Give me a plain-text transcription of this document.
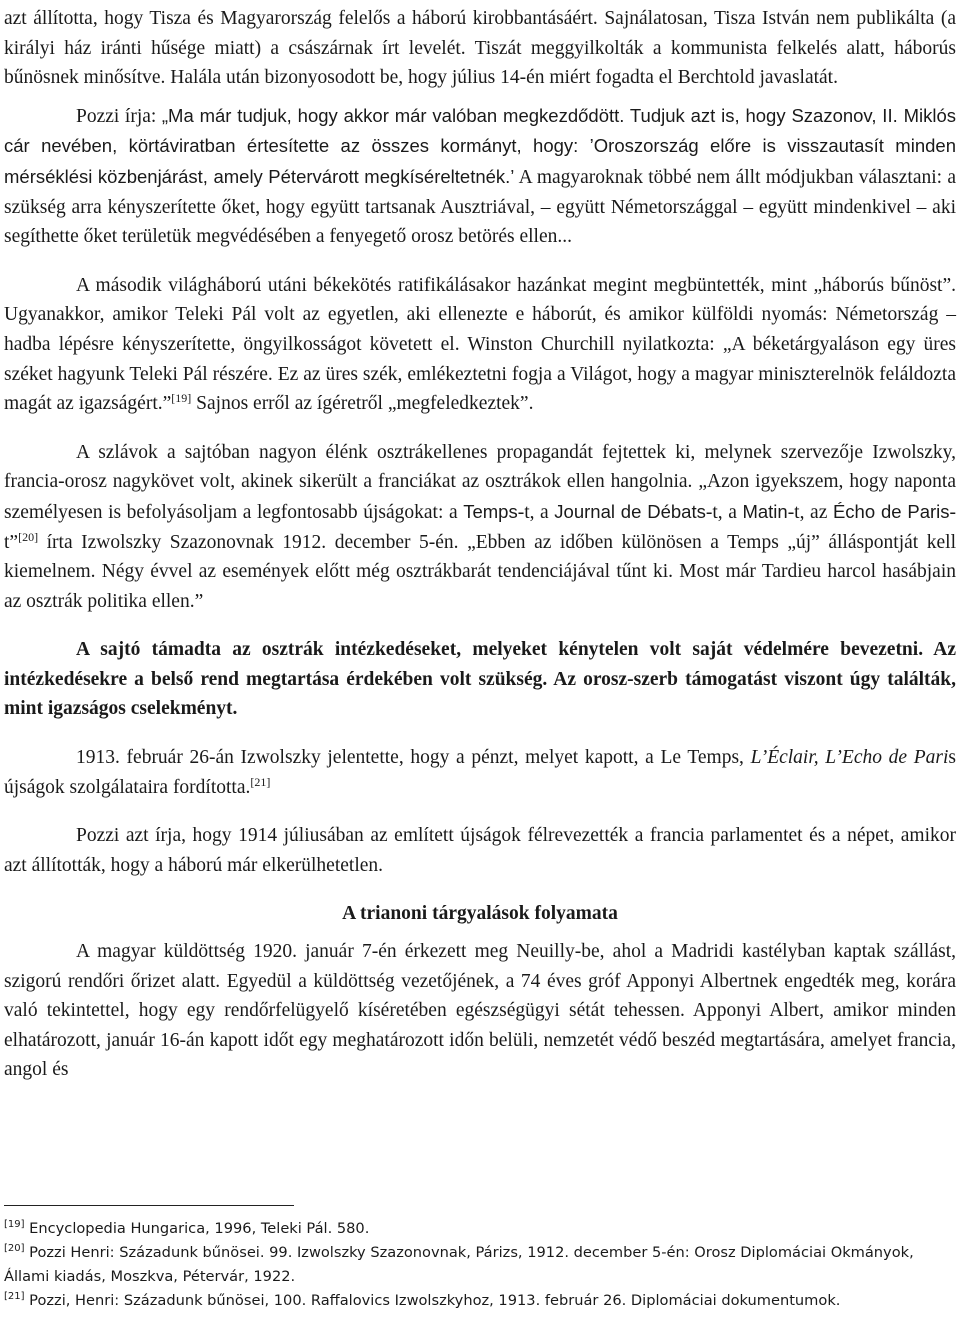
azt állította, hogy Tisza és Magyarország felelős a háború kirobbantásáért. Sajnálatosan, Tisza István nem publikálta (a királyi ház iránti hűsége miatt) a császárnak írt levelét. Tiszát meggyilkolták a kommunista felkelés alatt, háborús bűnösnek minősítve. Halála után bizonyosodott be, hogy július 14-én miért fogadta el Berchtold javaslatát.

Pozzi írja: „Ma már tudjuk, hogy akkor már valóban megkezdődött. Tudjuk azt is, hogy Szazonov, II. Miklós cár nevében, körtáviratban értesítette az összes kormányt, hogy: ’Oroszország előre is visszautasít minden mérséklési közbenjárást, amely Pétervárott megkíséreltetnék.’ A magyaroknak többé nem állt módjukban választani: a szükség arra kényszerítette őket, hogy együtt tartsanak Ausztriával, – együtt Németországgal – együtt mindenkivel – aki segíthette őket területük megvédésében a fenyegető orosz betörés ellen...

A második világháború utáni békekötés ratifikálásakor hazánkat megint megbüntették, mint „háborús bűnöst”. Ugyanakkor, amikor Teleki Pál volt az egyetlen, aki ellenezte e háborút, és amikor külföldi nyomás: Németország – hadba lépésre kényszerítette, öngyilkosságot követett el. Winston Churchill nyilatkozta: „A béketárgyaláson egy üres széket hagyunk Teleki Pál részére. Ez az üres szék, emlékeztetni fogja a Világot, hogy a magyar miniszterelnök feláldozta magát az igazságért.”[19] Sajnos erről az ígéretről „megfeledkeztek”.

A szlávok a sajtóban nagyon élénk osztrákellenes propagandát fejtettek ki, melynek szervezője Izwolszky, francia-orosz nagykövet volt, akinek sikerült a franciákat az osztrákok ellen hangolnia. „Azon igyekszem, hogy naponta személyesen is befolyásoljam a legfontosabb újságokat: a Temps-t, a Journal de Débats-t, a Matin-t, az Écho de Paris-t”[20] írta Izwolszky Szazonovnak 1912. december 5-én. „Ebben az időben különösen a Temps „új” álláspontját kell kiemelnem. Négy évvel az események előtt még osztrákbarát tendenciájával tűnt ki. Most már Tardieu harcol hasábjain az osztrák politika ellen.”

A sajtó támadta az osztrák intézkedéseket, melyeket kénytelen volt saját védelmére bevezetni. Az intézkedésekre a belső rend megtartása érdekében volt szükség. Az orosz-szerb támogatást viszont úgy találták, mint igazságos cselekményt.

1913. február 26-án Izwolszky jelentette, hogy a pénzt, melyet kapott, a Le Temps, L’Éclair, L’Echo de Paris újságok szolgálataira fordította.[21]

Pozzi azt írja, hogy 1914 júliusában az említett újságok félrevezették a francia parlamentet és a népet, amikor azt állították, hogy a háború már elkerülhetetlen.

A trianoni tárgyalások folyamata

A magyar küldöttség 1920. január 7-én érkezett meg Neuilly-be, ahol a Madridi kastélyban kaptak szállást, szigorú rendőri őrizet alatt. Egyedül a küldöttség vezetőjének, a 74 éves gróf Apponyi Albertnek engedték meg, korára való tekintettel, hogy egy rendőrfelügyelő kíséretében egészségügyi sétát tehessen. Apponyi Albert, amikor minden elhatározott, január 16-án kapott időt egy meghatározott időn belüli, nemzetét védő beszéd megtartására, amelyet francia, angol és

[19] Encyclopedia Hungarica, 1996, Teleki Pál. 580.

[20] Pozzi Henri: Századunk bűnösei. 99. Izwolszky Szazonovnak, Párizs, 1912. december 5-én: Orosz Diplomáciai Okmányok, Állami kiadás, Moszkva, Pétervár, 1922.

[21] Pozzi, Henri: Századunk bűnösei, 100. Raffalovics Izwolszkyhoz, 1913. február 26. Diplomáciai dokumentumok.
